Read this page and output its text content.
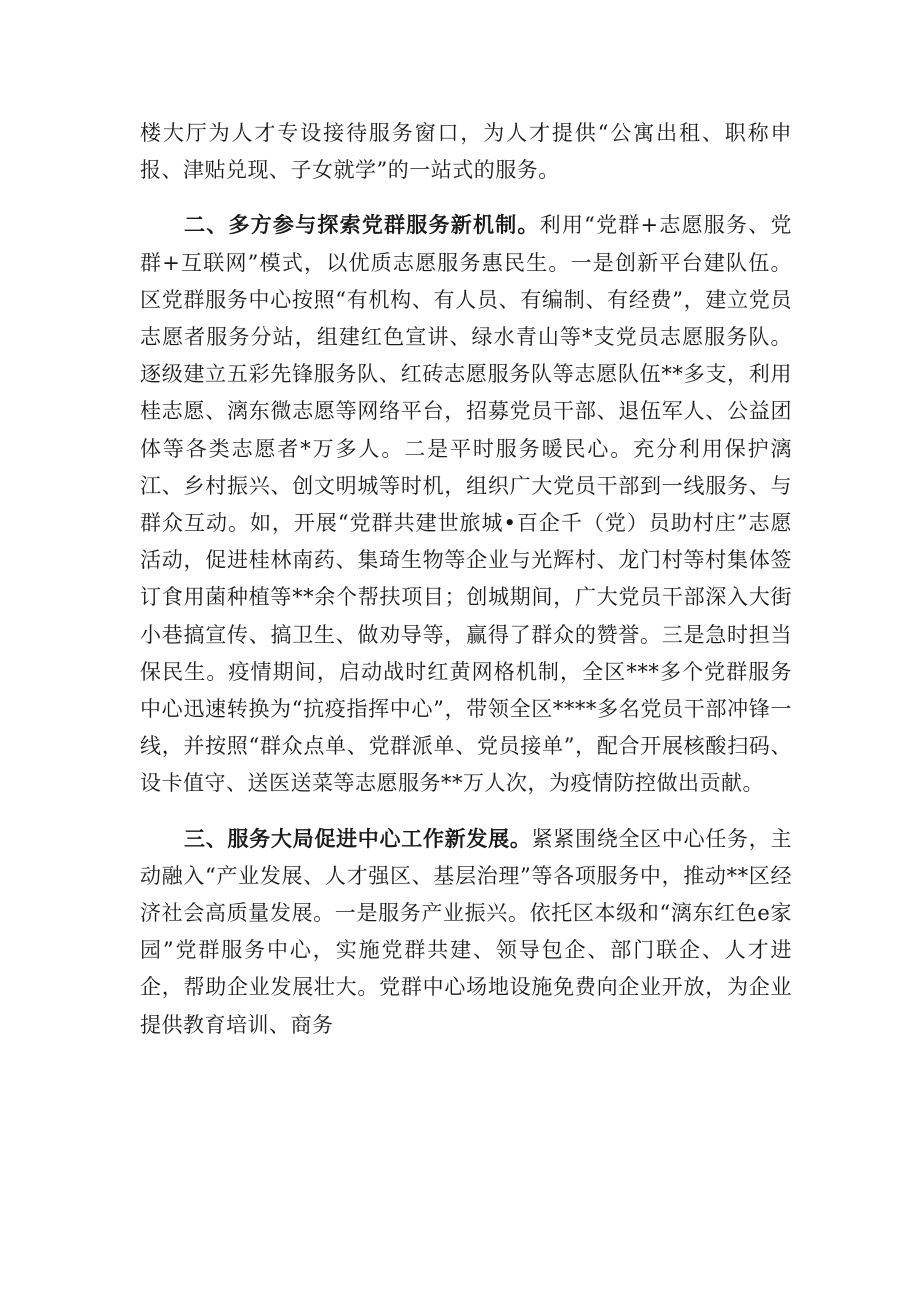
楼大厅为人才专设接待服务窗口，为人才提供“公寓出租、职称申报、津贴兑现、子女就学”的一站式的服务。

二、多方参与探索党群服务新机制。利用“党群+志愿服务、党群+互联网”模式，以优质志愿服务惠民生。一是创新平台建队伍。区党群服务中心按照“有机构、有人员、有编制、有经费”，建立党员志愿者服务分站，组建红色宣讲、绿水青山等*支党员志愿服务队。逐级建立五彩先锋服务队、红砖志愿服务队等志愿队伍**多支，利用桂志愿、漓东微志愿等网络平台，招募党员干部、退伍军人、公益团体等各类志愿者*万多人。二是平时服务暖民心。充分利用保护漓江、乡村振兴、创文明城等时机，组织广大党员干部到一线服务、与群众互动。如，开展“党群共建世旅城•百企千（党）员助村庄”志愿活动，促进桂林南药、集琦生物等企业与光辉村、龙门村等村集体签订食用菌种植等**余个帮扶项目；创城期间，广大党员干部深入大街小巷搞宣传、搞卫生、做劝导等，赢得了群众的赞誉。三是急时担当保民生。疫情期间，启动战时红黄网格机制，全区***多个党群服务中心迅速转换为“抗疫指挥中心”，带领全区****多名党员干部冲锋一线，并按照“群众点单、党群派单、党员接单”，配合开展核酸扫码、设卡值守、送医送菜等志愿服务**万人次，为疫情防控做出贡献。

三、服务大局促进中心工作新发展。紧紧围绕全区中心任务，主动融入“产业发展、人才强区、基层治理”等各项服务中，推动**区经济社会高质量发展。一是服务产业振兴。依托区本级和“漓东红色e家园”党群服务中心，实施党群共建、领导包企、部门联企、人才进企，帮助企业发展壮大。党群中心场地设施免费向企业开放，为企业提供教育培训、商务
